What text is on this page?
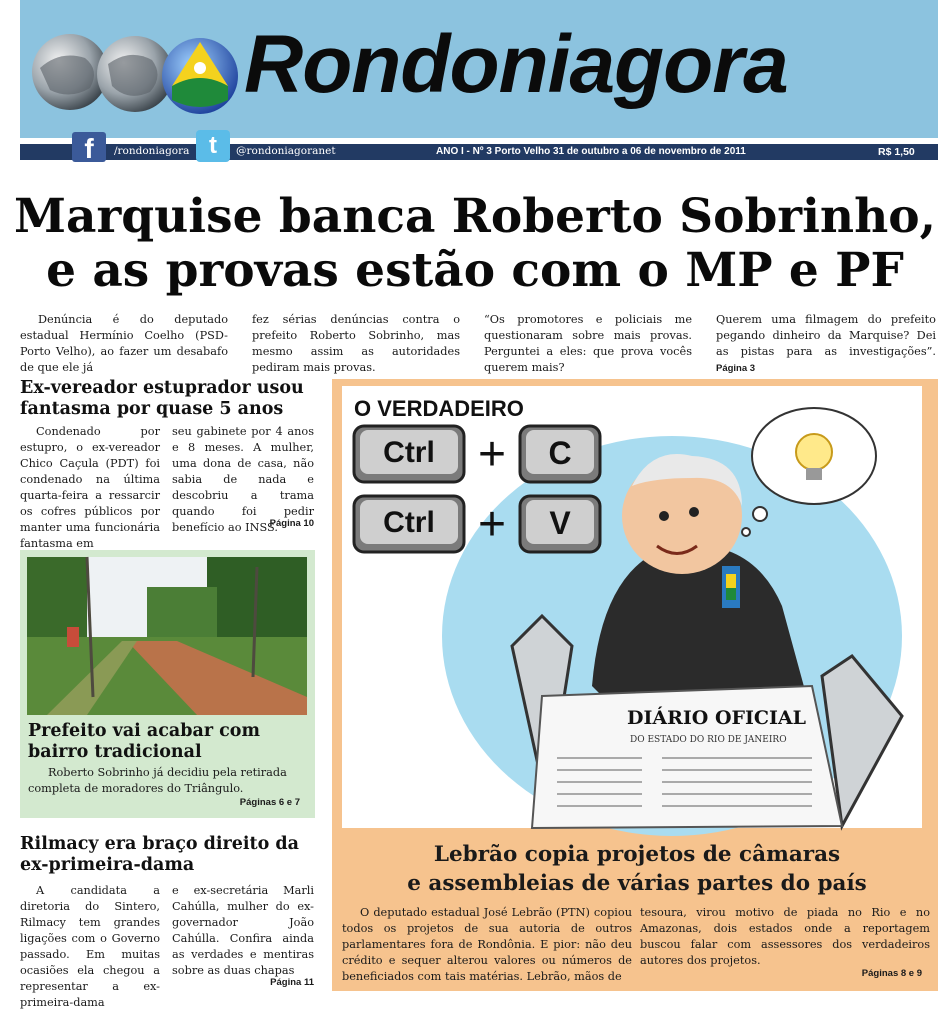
Rondoniagora
f	/rondoniagora t	@rondoniagoranet	ANO I - Nº 3 Porto Velho 31 de outubro a 06 de novembro de 2011	R$ 1,50
Marquise banca Roberto Sobrinho,
e as provas estão com o MP e PF
Denúncia é do deputado estadual Hermínio Coelho (PSD- Porto Velho), ao fazer um desabafo de que ele já
fez sérias denúncias contra o prefeito Roberto Sobrinho, mas mesmo assim as autoridades pediram mais provas.
“Os promotores e policiais me questionaram sobre mais provas. Perguntei a eles: que prova vocês querem mais?
Querem uma filmagem do prefeito pegando dinheiro da Marquise? Dei as pistas para as investigações”. Página 3
Ex-vereador estuprador usou fantasma por quase 5 anos
Condenado por estupro, o ex-vereador Chico Caçula (PDT) foi condenado na última quarta-feira a ressarcir os cofres públicos por manter uma funcionária fantasma em
seu gabinete por 4 anos e 8 meses. A mulher, uma dona de casa, não sabia de nada e descobriu a trama quando foi pedir benefício ao INSS.
Página 10
Prefeito vai acabar com bairro tradicional
Roberto Sobrinho já decidiu pela retirada completa de moradores do Triângulo.
Páginas 6 e 7
Rilmacy era braço direito da ex-primeira-dama
A candidata a diretoria do Sintero, Rilmacy tem grandes ligações com o Governo passado. Em muitas ocasiões ela chegou a representar a ex-primeira-dama
e ex-secretária Marli Cahúlla, mulher do ex-governador João Cahúlla. Confira ainda as verdades e mentiras sobre as duas chapas
Página 11
O VERDADEIRO
Ctrl + C
Ctrl + V
DIÁRIO OFICIAL
DO ESTADO DO RIO DE JANEIRO
Lebrão copia projetos de câmaras
e assembleias de várias partes do país
O deputado estadual José Lebrão (PTN) copiou todos os projetos de sua autoria de outros parlamentares fora de Rondônia. E pior: não deu crédito e sequer alterou valores ou números de beneficiados com tais matérias. Lebrão, mãos de
tesoura, virou motivo de piada no Rio e no Amazonas, dois estados onde a reportagem buscou falar com assessores dos verdadeiros autores dos projetos.
Páginas 8 e 9
